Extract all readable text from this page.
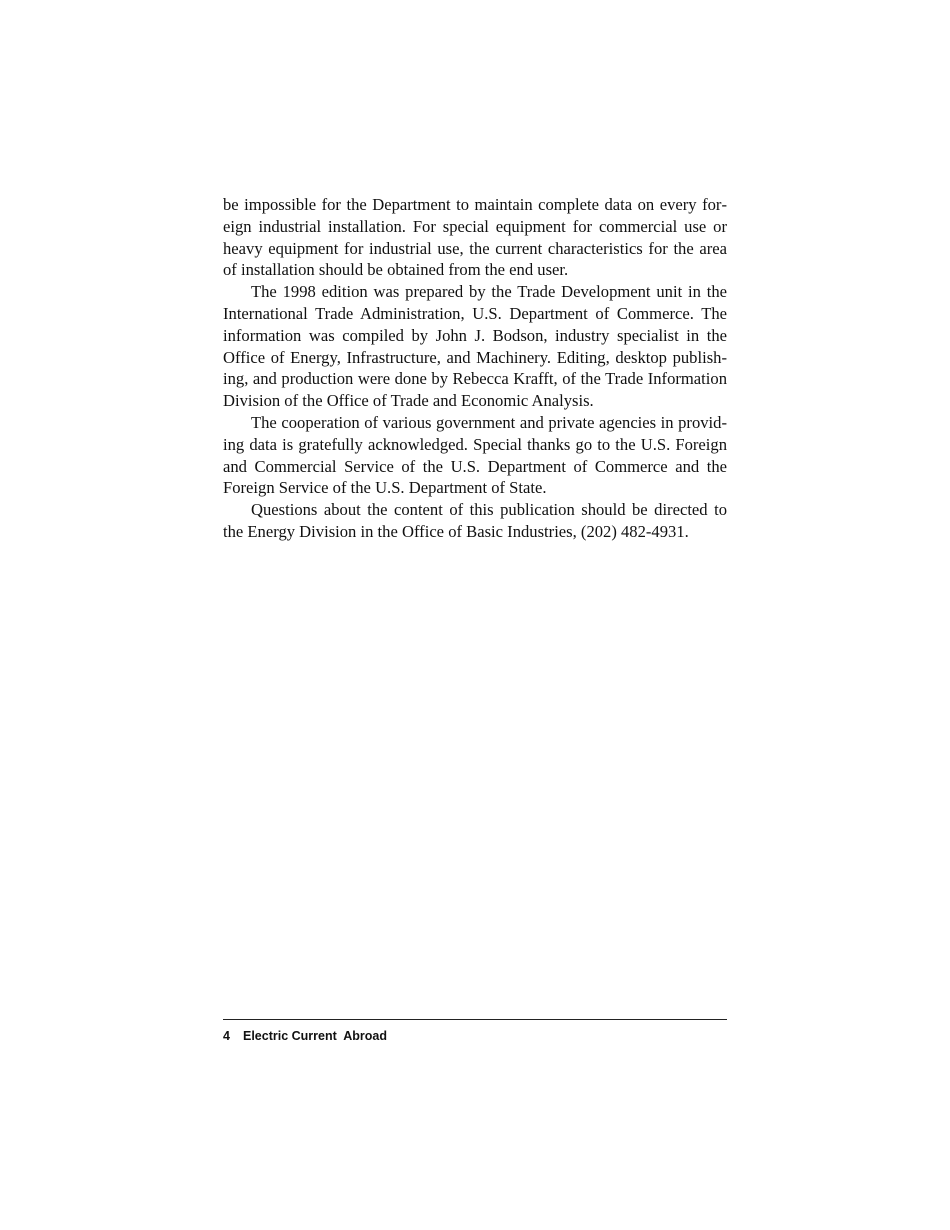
be impossible for the Department to maintain complete data on every foreign industrial installation. For special equipment for commercial use or heavy equipment for industrial use, the current characteristics for the area of installation should be obtained from the end user.

The 1998 edition was prepared by the Trade Development unit in the International Trade Administration, U.S. Department of Commerce. The information was compiled by John J. Bodson, industry specialist in the Office of Energy, Infrastructure, and Machinery. Editing, desktop publishing, and production were done by Rebecca Krafft, of the Trade Information Division of the Office of Trade and Economic Analysis.

The cooperation of various government and private agencies in providing data is gratefully acknowledged. Special thanks go to the U.S. Foreign and Commercial Service of the U.S. Department of Commerce and the Foreign Service of the U.S. Department of State.

Questions about the content of this publication should be directed to the Energy Division in the Office of Basic Industries, (202) 482-4931.

4 Electric Current  Abroad
